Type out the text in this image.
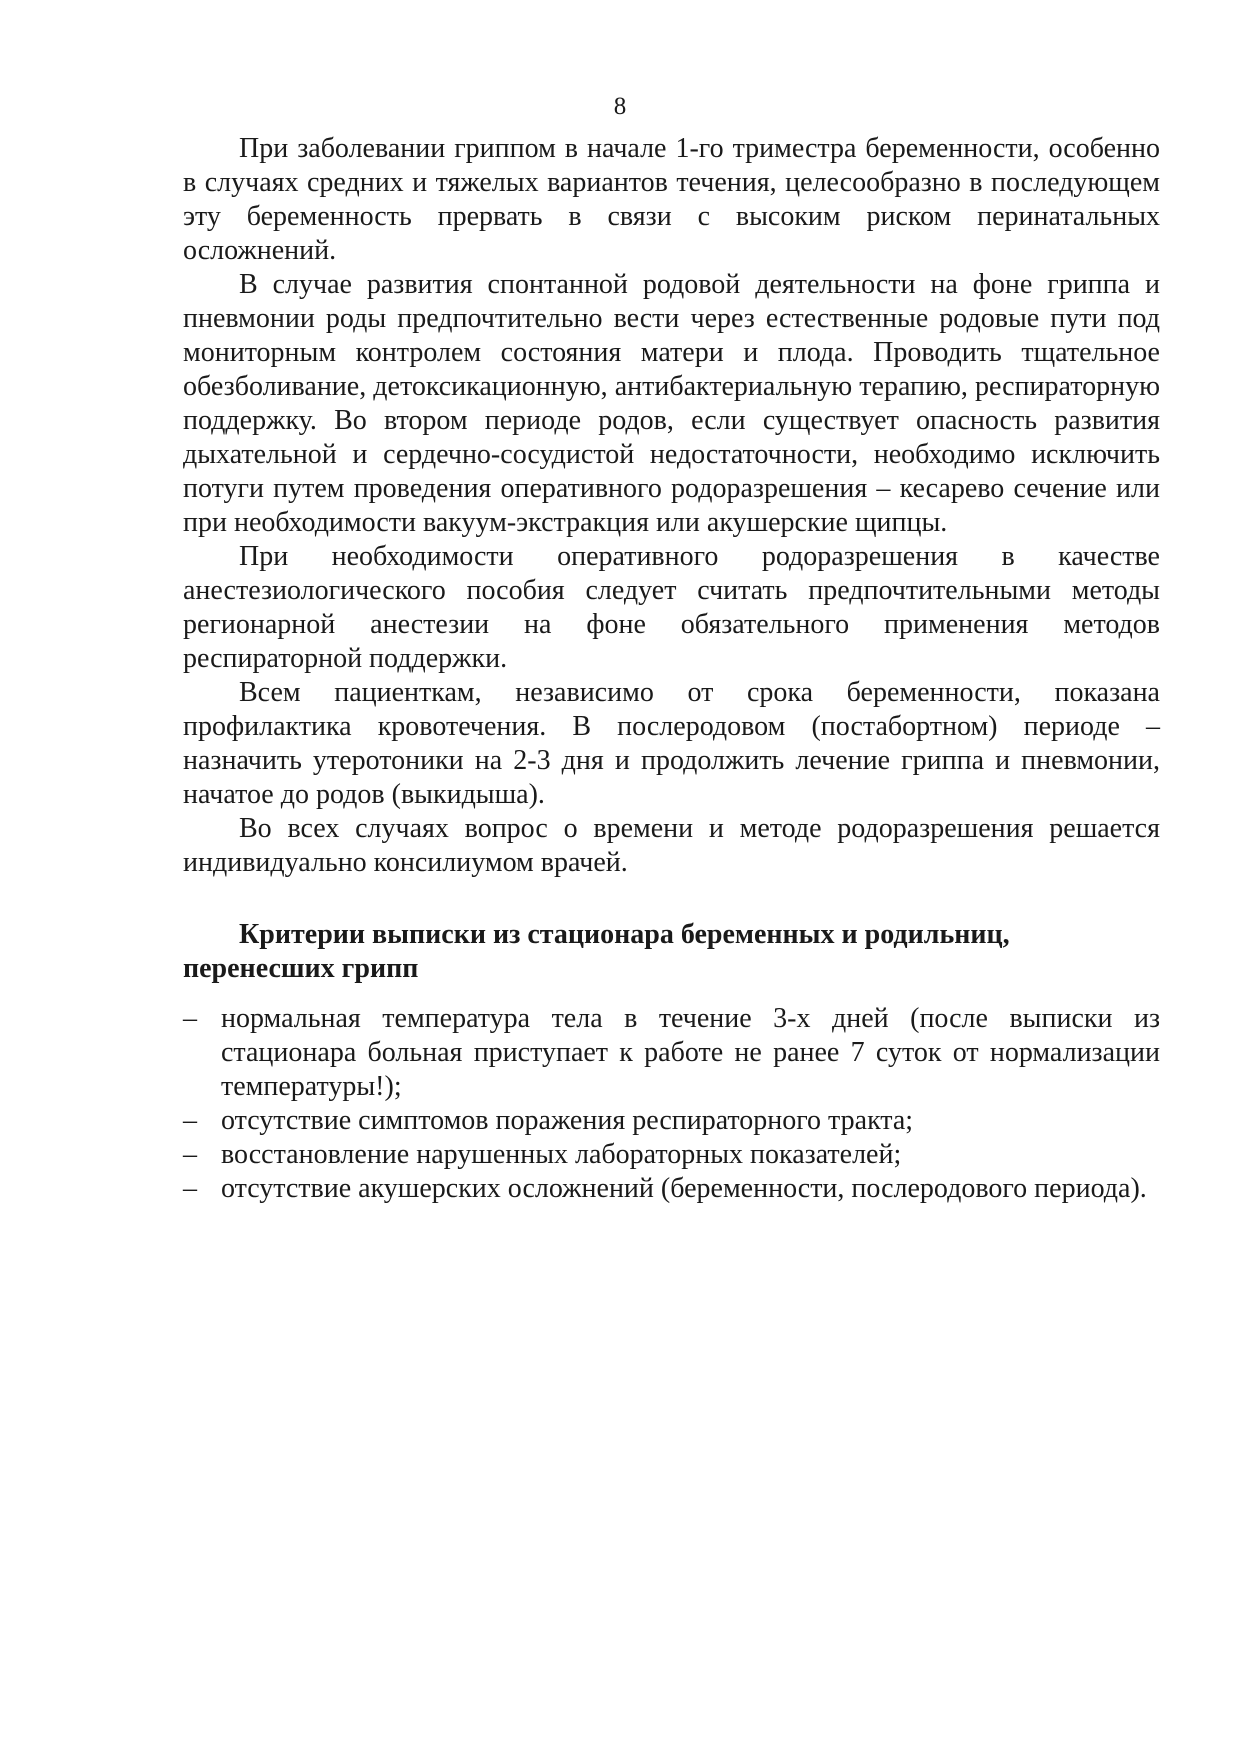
8

При заболевании гриппом в начале 1-го триместра беременности, особенно в случаях средних и тяжелых вариантов течения, целесообразно в последующем эту беременность прервать в связи с высоким риском перинатальных осложнений.

В случае развития спонтанной родовой деятельности на фоне гриппа и пневмонии роды предпочтительно вести через естественные родовые пути под мониторным контролем состояния матери и плода. Проводить тщательное обезболивание, детоксикационную, антибактериальную терапию, респираторную поддержку. Во втором периоде родов, если существует опасность развития дыхательной и сердечно-сосудистой недостаточности, необходимо исключить потуги путем проведения оперативного родоразрешения – кесарево сечение или при необходимости вакуум-экстракция или акушерские щипцы.

При необходимости оперативного родоразрешения в качестве анестезиологического пособия следует считать предпочтительными методы регионарной анестезии на фоне обязательного применения методов респираторной поддержки.

Всем пациенткам, независимо от срока беременности, показана профилактика кровотечения. В послеродовом (постабортном) периоде – назначить утеротоники на 2-3 дня и продолжить лечение гриппа и пневмонии, начатое до родов (выкидыша).

Во всех случаях вопрос о времени и методе родоразрешения решается индивидуально консилиумом врачей.

Критерии выписки из стационара беременных и родильниц,
перенесших грипп
– нормальная температура тела в течение 3-х дней (после выписки из стационара больная приступает к работе не ранее 7 суток от нормализации температуры!);
– отсутствие симптомов поражения респираторного тракта;
– восстановление нарушенных лабораторных показателей;
– отсутствие акушерских осложнений (беременности, послеродового периода).
